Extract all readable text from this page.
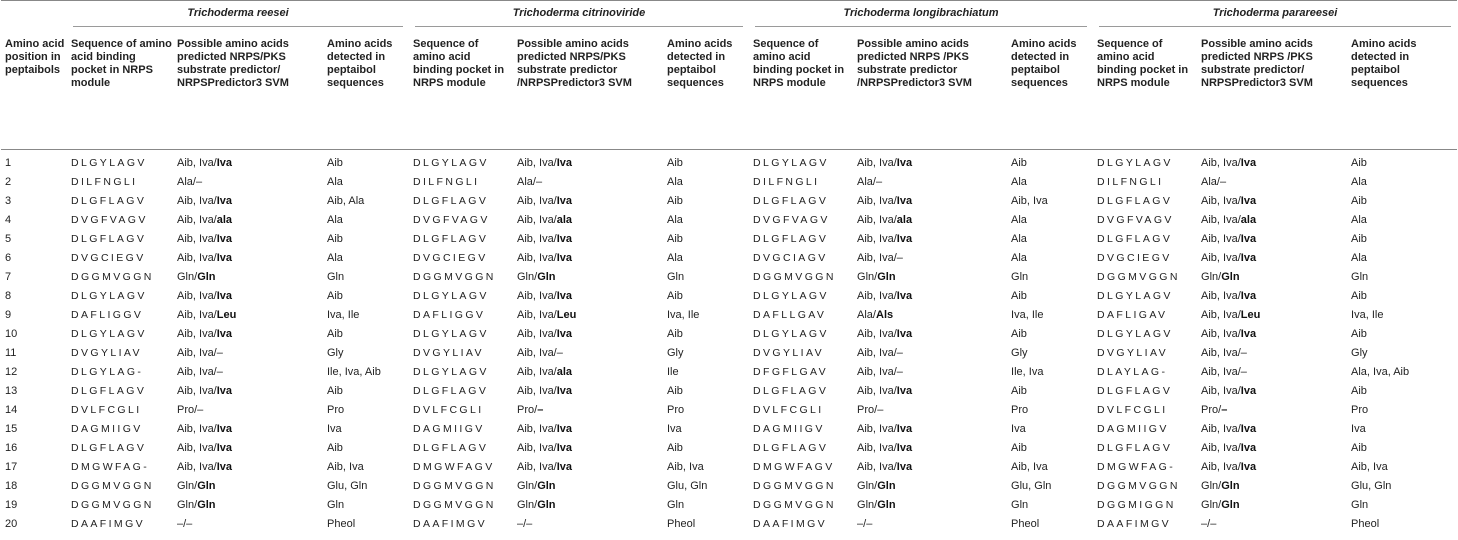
	Trichoderma reesei			Trichoderma citrinoviride			Trichoderma longibrachiatum			Trichoderma parareesei		

Amino acid position in peptaibols	Sequence of amino acid binding pocket in NRPS module	Possible amino acids predicted NRPS/PKS substrate predictor/ NRPSPredictor3 SVM	Amino acids detected in peptaibol sequences	Sequence of amino acid binding pocket in NRPS module	Possible amino acids predicted NRPS/PKS substrate predictor /NRPSPredictor3 SVM	Amino acids detected in peptaibol sequences	Sequence of amino acid binding pocket in NRPS module	Possible amino acids predicted NRPS /PKS substrate predictor /NRPSPredictor3 SVM	Amino acids detected in peptaibol sequences	Sequence of amino acid binding pocket in NRPS module	Possible amino acids predicted NRPS /PKS substrate predictor/ NRPSPredictor3 SVM	Amino acids detected in peptaibol sequences
1	DLGYLAGV	Aib, Iva/Iva	Aib	DLGYLAGV	Aib, Iva/Iva	Aib	DLGYLAGV	Aib, Iva/Iva	Aib	DLGYLAGV	Aib, Iva/Iva	Aib
2	DILFNGLI	Ala/–	Ala	DILFNGLI	Ala/–	Ala	DILFNGLI	Ala/–	Ala	DILFNGLI	Ala/–	Ala
3	DLGFLAGV	Aib, Iva/Iva	Aib, Ala	DLGFLAGV	Aib, Iva/Iva	Aib	DLGFLAGV	Aib, Iva/Iva	Aib, Iva	DLGFLAGV	Aib, Iva/Iva	Aib
4	DVGFVAGV	Aib, Iva/ala	Ala	DVGFVAGV	Aib, Iva/ala	Ala	DVGFVAGV	Aib, Iva/ala	Ala	DVGFVAGV	Aib, Iva/ala	Ala
5	DLGFLAGV	Aib, Iva/Iva	Aib	DLGFLAGV	Aib, Iva/Iva	Aib	DLGFLAGV	Aib, Iva/Iva	Ala	DLGFLAGV	Aib, Iva/Iva	Aib
6	DVGCIEGV	Aib, Iva/Iva	Ala	DVGCIEGV	Aib, Iva/Iva	Ala	DVGCIAGV	Aib, Iva/–	Ala	DVGCIEGV	Aib, Iva/Iva	Ala
7	DGGMVGGN	Gln/Gln	Gln	DGGMVGGN	Gln/Gln	Gln	DGGMVGGN	Gln/Gln	Gln	DGGMVGGN	Gln/Gln	Gln
8	DLGYLAGV	Aib, Iva/Iva	Aib	DLGYLAGV	Aib, Iva/Iva	Aib	DLGYLAGV	Aib, Iva/Iva	Aib	DLGYLAGV	Aib, Iva/Iva	Aib
9	DAFLIGGV	Aib, Iva/Leu	Iva, Ile	DAFLIGGV	Aib, Iva/Leu	Iva, Ile	DAFLLGAV	Ala/Als	Iva, Ile	DAFLIGAV	Aib, Iva/Leu	Iva, Ile
10	DLGYLAGV	Aib, Iva/Iva	Aib	DLGYLAGV	Aib, Iva/Iva	Aib	DLGYLAGV	Aib, Iva/Iva	Aib	DLGYLAGV	Aib, Iva/Iva	Aib
11	DVGYLIAV	Aib, Iva/–	Gly	DVGYLIAV	Aib, Iva/–	Gly	DVGYLIAV	Aib, Iva/–	Gly	DVGYLIAV	Aib, Iva/–	Gly
12	DLGYLAG-	Aib, Iva/–	Ile, Iva, Aib	DLGYLAGV	Aib, Iva/ala	Ile	DFGFLGAV	Aib, Iva/–	Ile, Iva	DLAYLAG-	Aib, Iva/–	Ala, Iva, Aib
13	DLGFLAGV	Aib, Iva/Iva	Aib	DLGFLAGV	Aib, Iva/Iva	Aib	DLGFLAGV	Aib, Iva/Iva	Aib	DLGFLAGV	Aib, Iva/Iva	Aib
14	DVLFCGLI	Pro/–	Pro	DVLFCGLI	Pro/–	Pro	DVLFCGLI	Pro/–	Pro	DVLFCGLI	Pro/–	Pro
15	DAGMIIGV	Aib, Iva/Iva	Iva	DAGMIIGV	Aib, Iva/Iva	Iva	DAGMIIGV	Aib, Iva/Iva	Iva	DAGMIIGV	Aib, Iva/Iva	Iva
16	DLGFLAGV	Aib, Iva/Iva	Aib	DLGFLAGV	Aib, Iva/Iva	Aib	DLGFLAGV	Aib, Iva/Iva	Aib	DLGFLAGV	Aib, Iva/Iva	Aib
17	DMGWFAG-	Aib, Iva/Iva	Aib, Iva	DMGWFAGV	Aib, Iva/Iva	Aib, Iva	DMGWFAGV	Aib, Iva/Iva	Aib, Iva	DMGWFAG-	Aib, Iva/Iva	Aib, Iva
18	DGGMVGGN	Gln/Gln	Glu, Gln	DGGMVGGN	Gln/Gln	Glu, Gln	DGGMVGGN	Gln/Gln	Glu, Gln	DGGMVGGN	Gln/Gln	Glu, Gln
19	DGGMVGGN	Gln/Gln	Gln	DGGMVGGN	Gln/Gln	Gln	DGGMVGGN	Gln/Gln	Gln	DGGMIGGN	Gln/Gln	Gln
20	DAAFIMGV	–/–	Pheol	DAAFIMGV	–/–	Pheol	DAAFIMGV	–/–	Pheol	DAAFIMGV	–/–	Pheol
